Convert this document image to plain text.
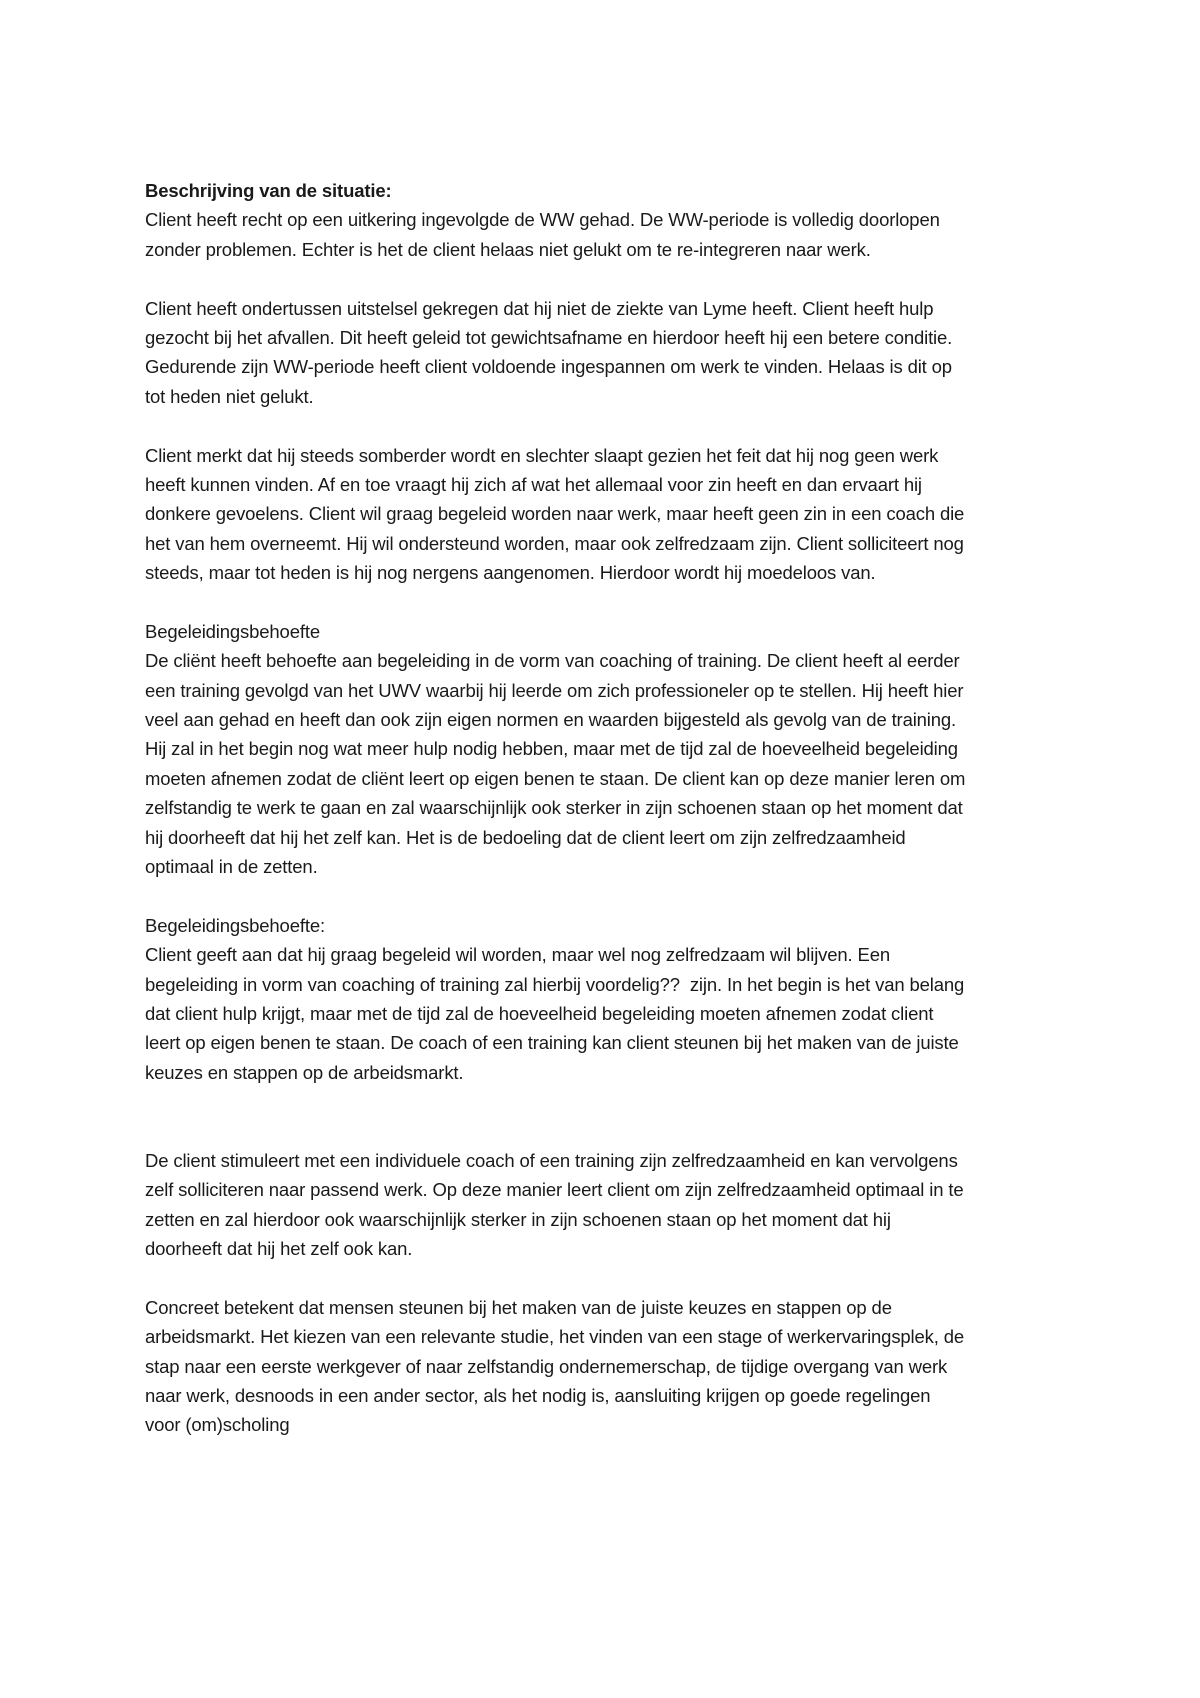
Beschrijving van de situatie:
Client heeft recht op een uitkering ingevolgde de WW gehad. De WW-periode is volledig doorlopen
zonder problemen. Echter is het de client helaas niet gelukt om te re-integreren naar werk.
Client heeft ondertussen uitstelsel gekregen dat hij niet de ziekte van Lyme heeft. Client heeft hulp
gezocht bij het afvallen. Dit heeft geleid tot gewichtsafname en hierdoor heeft hij een betere conditie.
Gedurende zijn WW-periode heeft client voldoende ingespannen om werk te vinden. Helaas is dit op
tot heden niet gelukt.
Client merkt dat hij steeds somberder wordt en slechter slaapt gezien het feit dat hij nog geen werk
heeft kunnen vinden. Af en toe vraagt hij zich af wat het allemaal voor zin heeft en dan ervaart hij
donkere gevoelens. Client wil graag begeleid worden naar werk, maar heeft geen zin in een coach die
het van hem overneemt. Hij wil ondersteund worden, maar ook zelfredzaam zijn. Client solliciteert nog
steeds, maar tot heden is hij nog nergens aangenomen. Hierdoor wordt hij moedeloos van.
Begeleidingsbehoefte
De cliënt heeft behoefte aan begeleiding in de vorm van coaching of training. De client heeft al eerder
een training gevolgd van het UWV waarbij hij leerde om zich professioneler op te stellen. Hij heeft hier
veel aan gehad en heeft dan ook zijn eigen normen en waarden bijgesteld als gevolg van de training.
Hij zal in het begin nog wat meer hulp nodig hebben, maar met de tijd zal de hoeveelheid begeleiding
moeten afnemen zodat de cliënt leert op eigen benen te staan. De client kan op deze manier leren om
zelfstandig te werk te gaan en zal waarschijnlijk ook sterker in zijn schoenen staan op het moment dat
hij doorheeft dat hij het zelf kan. Het is de bedoeling dat de client leert om zijn zelfredzaamheid
optimaal in de zetten.
Begeleidingsbehoefte:
Client geeft aan dat hij graag begeleid wil worden, maar wel nog zelfredzaam wil blijven. Een
begeleiding in vorm van coaching of training zal hierbij voordelig??  zijn. In het begin is het van belang
dat client hulp krijgt, maar met de tijd zal de hoeveelheid begeleiding moeten afnemen zodat client
leert op eigen benen te staan. De coach of een training kan client steunen bij het maken van de juiste
keuzes en stappen op de arbeidsmarkt.
De client stimuleert met een individuele coach of een training zijn zelfredzaamheid en kan vervolgens
zelf solliciteren naar passend werk. Op deze manier leert client om zijn zelfredzaamheid optimaal in te
zetten en zal hierdoor ook waarschijnlijk sterker in zijn schoenen staan op het moment dat hij
doorheeft dat hij het zelf ook kan.
Concreet betekent dat mensen steunen bij het maken van de juiste keuzes en stappen op de
arbeidsmarkt. Het kiezen van een relevante studie, het vinden van een stage of werkervaringsplek, de
stap naar een eerste werkgever of naar zelfstandig ondernemerschap, de tijdige overgang van werk
naar werk, desnoods in een ander sector, als het nodig is, aansluiting krijgen op goede regelingen
voor (om)scholing
